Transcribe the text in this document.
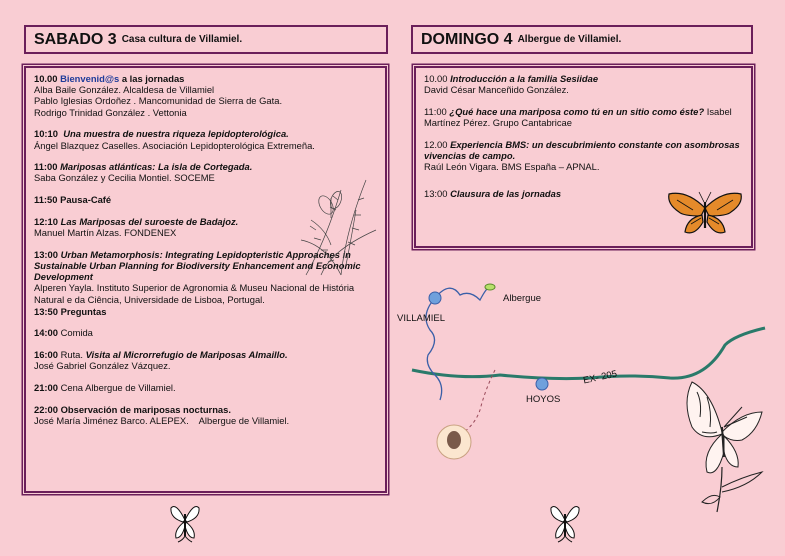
SABADO 3 Casa cultura de Villamiel.	DOMINGO 4 Albergue de Villamiel.

10.00 Bienvenid@s a las jornadas

Alba Baile González. Alcaldesa de Villamiel

Pablo Iglesias Ordoñez . Mancomunidad de Sierra de Gata.

Rodrigo Trinidad González . Vettonia

10:10 Una muestra de nuestra riqueza lepidopterológica.

Ángel Blazquez Caselles. Asociación Lepidopterológica Extremeña.

11:00 Mariposas atlánticas: La isla de Cortegada.

Saba González y Cecilia Montiel. SOCEME

11:50 Pausa-Café

12:10 Las Mariposas del suroeste de Badajoz.

Manuel Martín Alzas. FONDENEX

13:00 Urban Metamorphosis: Integrating Lepidopteristic Approaches in Sustainable Urban Planning for Biodiversity Enhancement and Economic Development

Alperen Yayla. Instituto Superior de Agronomia & Museu Nacional de História Natural e da Ciência, Universidade de Lisboa, Portugal.

13:50 Preguntas

14:00 Comida

16:00 Ruta. Visita al Microrrefugio de Mariposas Almaillo.

José Gabriel González Vázquez.

21:00 Cena Albergue de Villamiel.

22:00 Observación de mariposas nocturnas.

José María Jiménez Barco. ALEPEX.    Albergue de Villamiel.

10.00 Introducción a la familia Sesiidae

David César Manceñido González.

11:00 ¿Qué hace una mariposa como tú en un sitio como éste? Isabel Martínez Pérez. Grupo Cantabricae

12.00 Experiencia BMS: un descubrimiento constante con asombrosas vivencias de campo.

Raúl León Vigara. BMS España – APNAL.

13:00 Clausura de las jornadas

Albergue
VILLAMIEL
HOYOS
EX- 205
